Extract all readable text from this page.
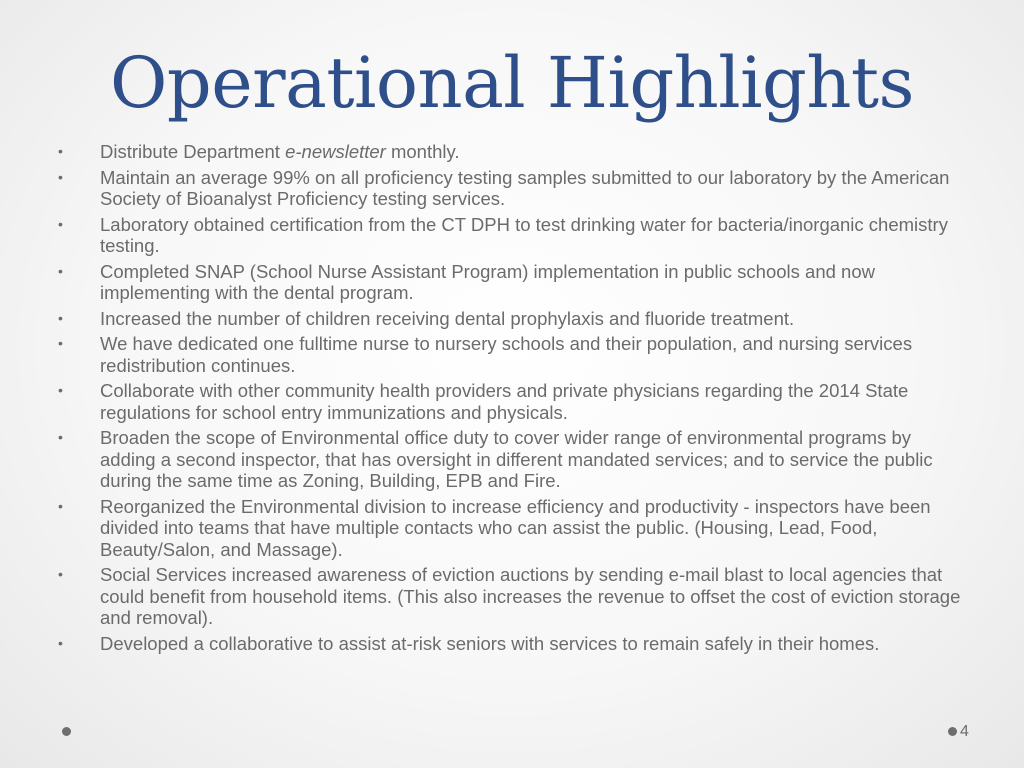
Operational Highlights
•	Distribute Department e-newsletter monthly.
•	Maintain an average 99% on all proficiency testing samples submitted to our laboratory by the American Society of Bioanalyst Proficiency testing services.
•	Laboratory obtained certification from the CT DPH to test drinking water for bacteria/inorganic chemistry testing.
•	Completed SNAP (School Nurse Assistant Program) implementation in public schools and now implementing with the dental program.
•	Increased the number of children receiving dental prophylaxis and fluoride treatment.
•	We have dedicated one fulltime nurse to nursery schools and their population, and nursing services redistribution continues.
•	Collaborate with other community health providers and private physicians regarding the 2014 State regulations for school entry immunizations and physicals.
•	Broaden the scope of Environmental office duty to cover wider range of environmental programs by adding a second inspector, that has oversight in different mandated services; and to service the public during the same time as Zoning, Building, EPB and Fire.
•	Reorganized the Environmental division to increase efficiency and productivity - inspectors have been divided into teams that have multiple contacts who can assist the public. (Housing, Lead, Food, Beauty/Salon, and Massage).
•	Social Services increased awareness of eviction auctions by sending e-mail blast to local agencies that could benefit from household items. (This also increases the revenue to offset the cost of eviction storage and removal).
•	Developed a collaborative to assist at-risk seniors with services to remain safely in their homes.
4
